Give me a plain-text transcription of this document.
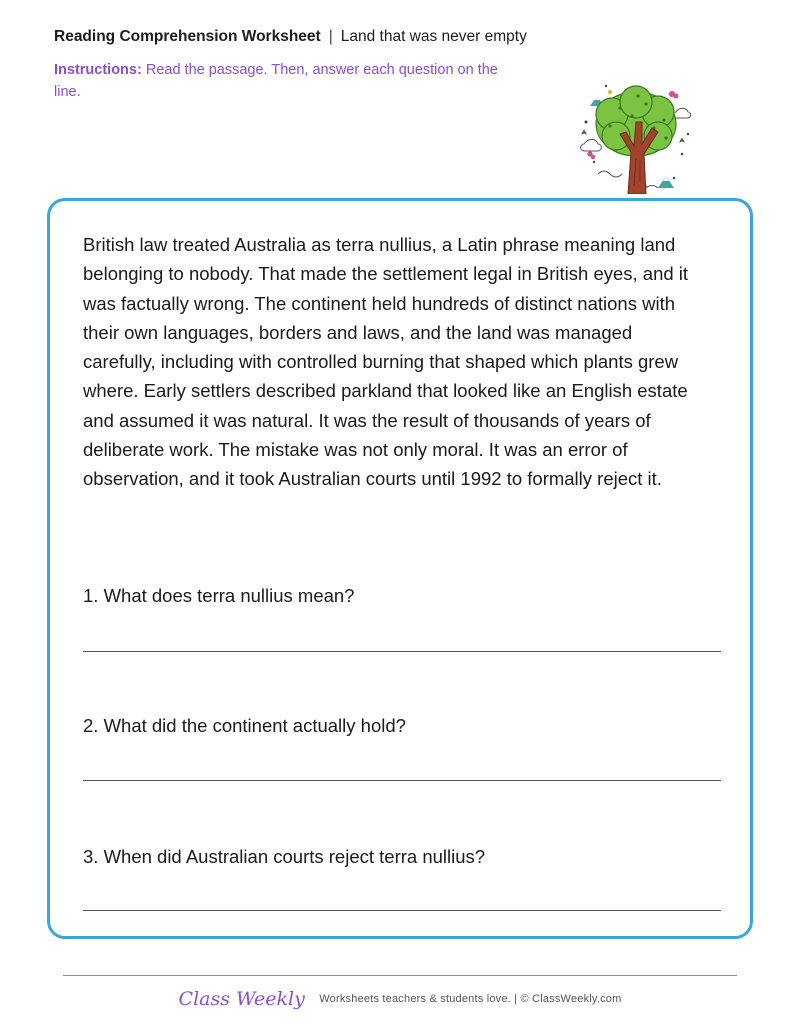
Reading Comprehension Worksheet | Land that was never empty
Instructions: Read the passage. Then, answer each question on the line.

British law treated Australia as terra nullius, a Latin phrase meaning land belonging to nobody. That made the settlement legal in British eyes, and it was factually wrong. The continent held hundreds of distinct nations with their own languages, borders and laws, and the land was managed carefully, including with controlled burning that shaped which plants grew where. Early settlers described parkland that looked like an English estate and assumed it was natural. It was the result of thousands of years of deliberate work. The mistake was not only moral. It was an error of observation, and it took Australian courts until 1992 to formally reject it.

1. What does terra nullius mean?
2. What did the continent actually hold?
3. When did Australian courts reject terra nullius?
Class Weekly Worksheets teachers & students love. | © ClassWeekly.com
